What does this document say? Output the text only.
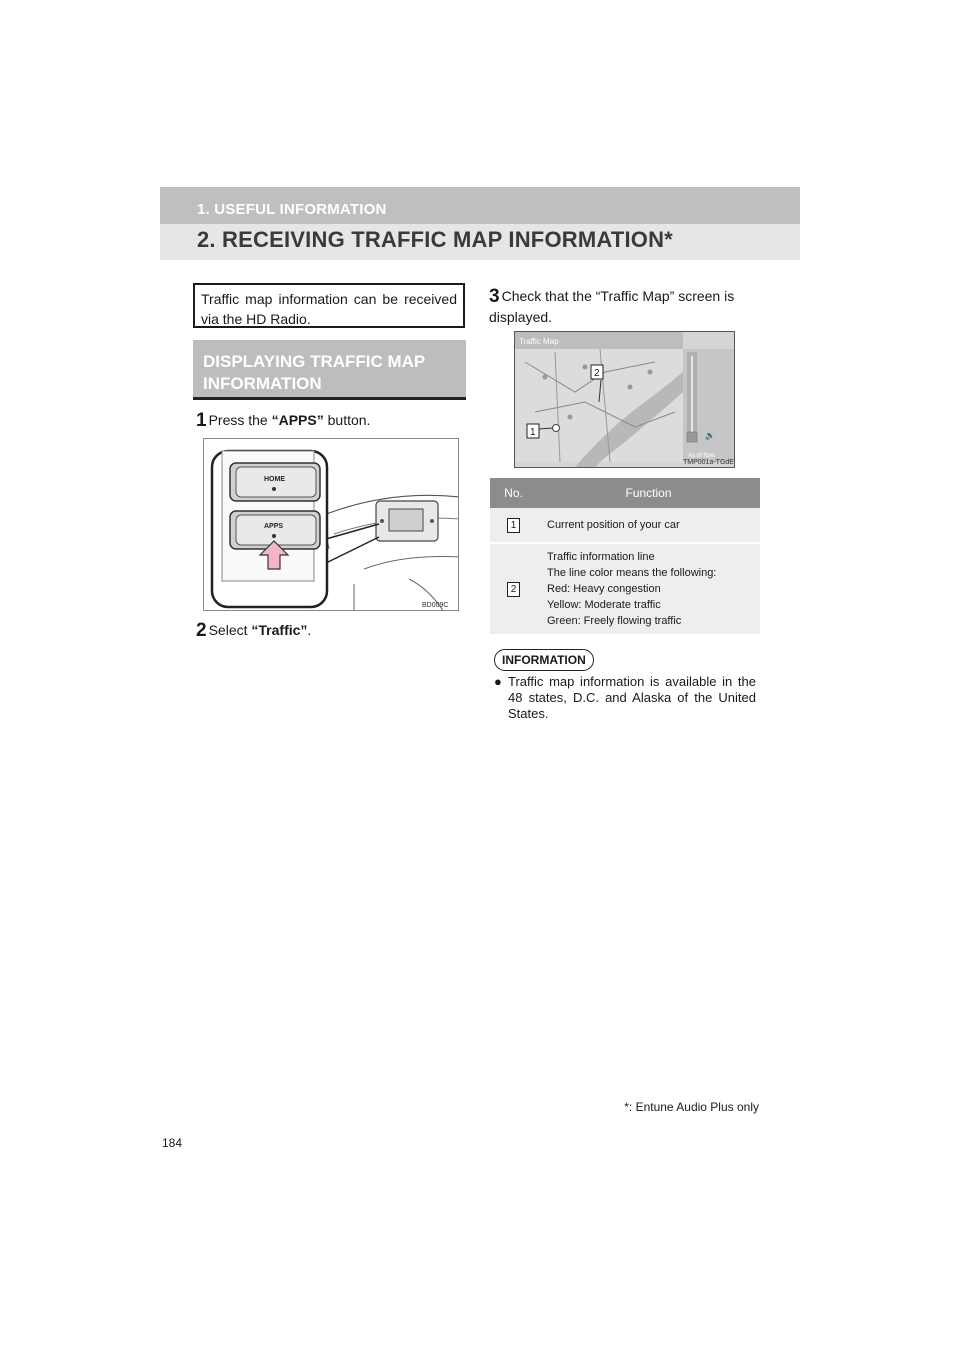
1. USEFUL INFORMATION
2. RECEIVING TRAFFIC MAP INFORMATION*
Traffic map information can be received via the HD Radio.
DISPLAYING TRAFFIC MAP
INFORMATION
1 Press the “APPS” button.
HOME
APPS
BD009C
2 Select “Traffic”.
3 Check that the “Traffic Map” screen is displayed.
Traffic Map
2
1	🔊
As of Now
TMP001a-TGdE
No.	Function
1	Current position of your car
2	Traffic information line
The line color means the following:
Red: Heavy congestion
Yellow: Moderate traffic
Green: Freely flowing traffic
INFORMATION
● Traffic map information is available in the 48 states, D.C. and Alaska of the United States.
*: Entune Audio Plus only
184
